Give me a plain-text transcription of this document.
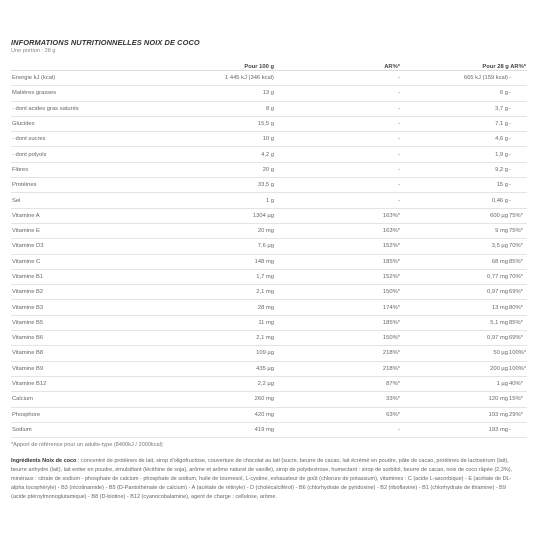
INFORMATIONS NUTRITIONNELLES NOIX DE COCO
Une portion : 28 g
Pour 100 g	AR%*	Pour 28 g AR%*
Energie kJ (kcal)	1 445 kJ (346 kcal)	-	665 kJ (159 kcal) -
Matières grasses	13 g	-	6 g -
- dont acides gras saturés	8 g	-	3,7 g -
Glucides	15,5 g	-	7,1 g -
- dont sucres	10 g	-	4,6 g -
- dont polyols	4,2 g	-	1,9 g -
Fibres	20 g	-	9,2 g -
Protéines	33,5 g	-	15 g -
Sel	1 g	-	0,46 g -
Vitamine A	1304 µg	163%*	600 µg 75%*
Vitamine E	20 mg	163%*	9 mg 75%*
Vitamine D3	7,6 µg	152%*	3,5 µg 70%*
Vitamine C	148 mg	185%*	68 mg 85%*
Vitamine B1	1,7 mg	152%*	0,77 mg 70%*
Vitamine B2	2,1 mg	150%*	0,97 mg 69%*
Vitamine B3	28 mg	174%*	13 mg 80%*
Vitamine B5	11 mg	185%*	5,1 mg 85%*
Vitamine B6	2,1 mg	150%*	0,97 mg 69%*
Vitamine B8	109 µg	218%*	50 µg 100%*
Vitamine B9	435 µg	218%*	200 µg 100%*
Vitamine B12	2,2 µg	87%*	1 µg 40%*
Calcium	260 mg	33%*	120 mg 15%*
Phosphore	420 mg	63%*	193 mg 29%*
Sodium	419 mg	-	193 mg -
*Apport de référence pour un adulte-type (8400kJ / 2000kcal)
Ingrédients Noix de coco : concentré de protéines de lait, sirop d'oligofructose, couverture de chocolat au lait (sucre, beurre de cacao, lait écrémé en poudre, pâte de cacao, protéines de lactosérum (lait), beurre anhydre (lait), lait entier en poudre, émulsifiant (lécithine de soja), arôme et arôme naturel de vanille), sirop de polydextrose, humectant : sirop de sorbitol, beurre de cacao, noix de coco râpée (2,3%), minéraux : citrate de sodium - phosphate de calcium - phosphate de sodium, huile de tournesol, L-cystine, exhausteur de goût (chlorure de potassium), vitamines : C (acide L-ascorbique) - E (acétate de DL-alpha tocophéryle) - B3 (nicotinamide) - B5 (D-Pantothénate de calcium) - A (acétate de rétinyle) - D (cholécalciférol) - B6 (chlorhydrate de pyridoxine) - B2 (riboflavine) - B1 (chlorhydrate de thiamine) - B9 (acide ptéroylmonoglutamique) - B8 (D-biotine) - B12 (cyanocobalamine), agent de charge : cellulose, arôme.
